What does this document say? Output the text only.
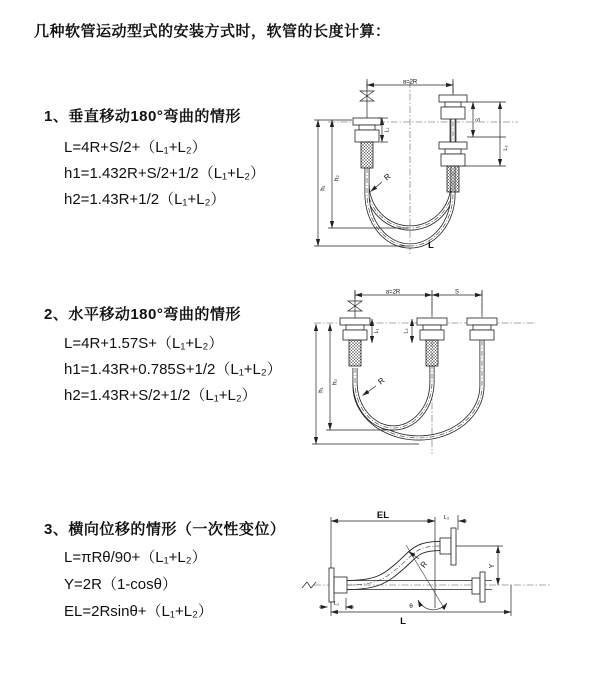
几种软管运动型式的安装方式时，软管的长度计算：
1、垂直移动180°弯曲的情形
L=4R+S/2+（L₁+L₂）
h1=1.432R+S/2+1/2（L₁+L₂）
h2=1.43R+1/2（L₁+L₂）
a=2R
S
L₂
L₁
h₁
h₂	R
L
2、水平移动180°弯曲的情形
L=4R+1.57S+（L₁+L₂）
h1=1.43R+0.785S+1/2（L₁+L₂）
h2=1.43R+S/2+1/2（L₁+L₂）
a=2R	S
h₁
h₂
L₁	L₂
R
3、横向位移的情形（一次性变位）
L=πRθ/90+（L₁+L₂）
Y=2R（1-cosθ）
EL=2Rsinθ+（L₁+L₂）
EL	L₂
Y
L
L₁	θ
R
